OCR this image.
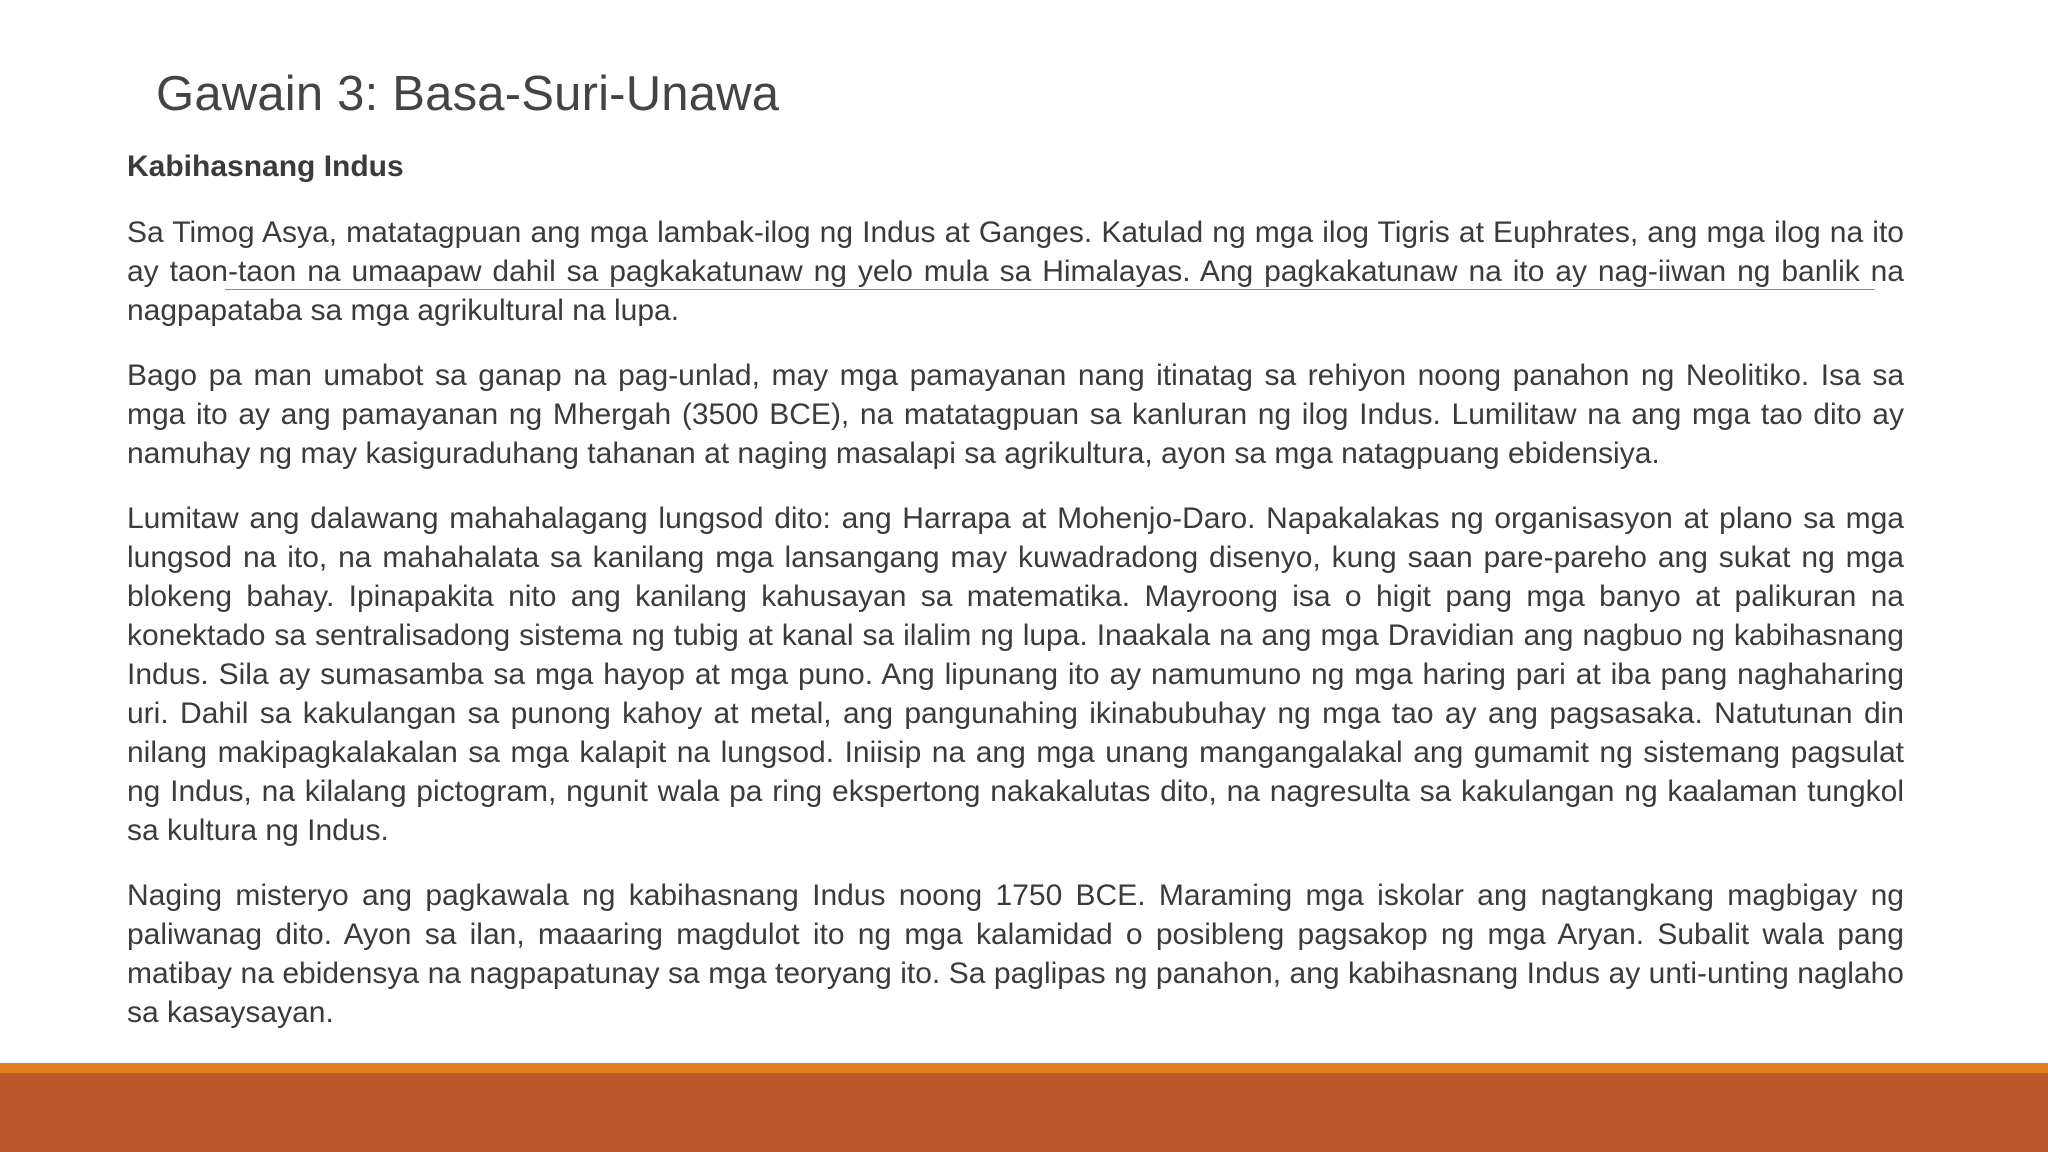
Gawain 3: Basa-Suri-Unawa

Kabihasnang Indus

Sa Timog Asya, matatagpuan ang mga lambak-ilog ng Indus at Ganges. Katulad ng mga ilog Tigris at Euphrates, ang mga ilog na ito ay taon-taon na umaapaw dahil sa pagkakatunaw ng yelo mula sa Himalayas. Ang pagkakatunaw na ito ay nag-iiwan ng banlik na nagpapataba sa mga agrikultural na lupa.

Bago pa man umabot sa ganap na pag-unlad, may mga pamayanan nang itinatag sa rehiyon noong panahon ng Neolitiko. Isa sa mga ito ay ang pamayanan ng Mhergah (3500 BCE), na matatagpuan sa kanluran ng ilog Indus. Lumilitaw na ang mga tao dito ay namuhay ng may kasiguraduhang tahanan at naging masalapi sa agrikultura, ayon sa mga natagpuang ebidensiya.

Lumitaw ang dalawang mahahalagang lungsod dito: ang Harrapa at Mohenjo-Daro. Napakalakas ng organisasyon at plano sa mga lungsod na ito, na mahahalata sa kanilang mga lansangang may kuwadradong disenyo, kung saan pare-pareho ang sukat ng mga blokeng bahay. Ipinapakita nito ang kanilang kahusayan sa matematika. Mayroong isa o higit pang mga banyo at palikuran na konektado sa sentralisadong sistema ng tubig at kanal sa ilalim ng lupa. Inaakala na ang mga Dravidian ang nagbuo ng kabihasnang Indus. Sila ay sumasamba sa mga hayop at mga puno. Ang lipunang ito ay namumuno ng mga haring pari at iba pang naghaharing uri. Dahil sa kakulangan sa punong kahoy at metal, ang pangunahing ikinabubuhay ng mga tao ay ang pagsasaka. Natutunan din nilang makipagkalakalan sa mga kalapit na lungsod. Iniisip na ang mga unang mangangalakal ang gumamit ng sistemang pagsulat ng Indus, na kilalang pictogram, ngunit wala pa ring ekspertong nakakalutas dito, na nagresulta sa kakulangan ng kaalaman tungkol sa kultura ng Indus.

Naging misteryo ang pagkawala ng kabihasnang Indus noong 1750 BCE. Maraming mga iskolar ang nagtangkang magbigay ng paliwanag dito. Ayon sa ilan, maaaring magdulot ito ng mga kalamidad o posibleng pagsakop ng mga Aryan. Subalit wala pang matibay na ebidensya na nagpapatunay sa mga teoryang ito. Sa paglipas ng panahon, ang kabihasnang Indus ay unti-unting naglaho sa kasaysayan.
